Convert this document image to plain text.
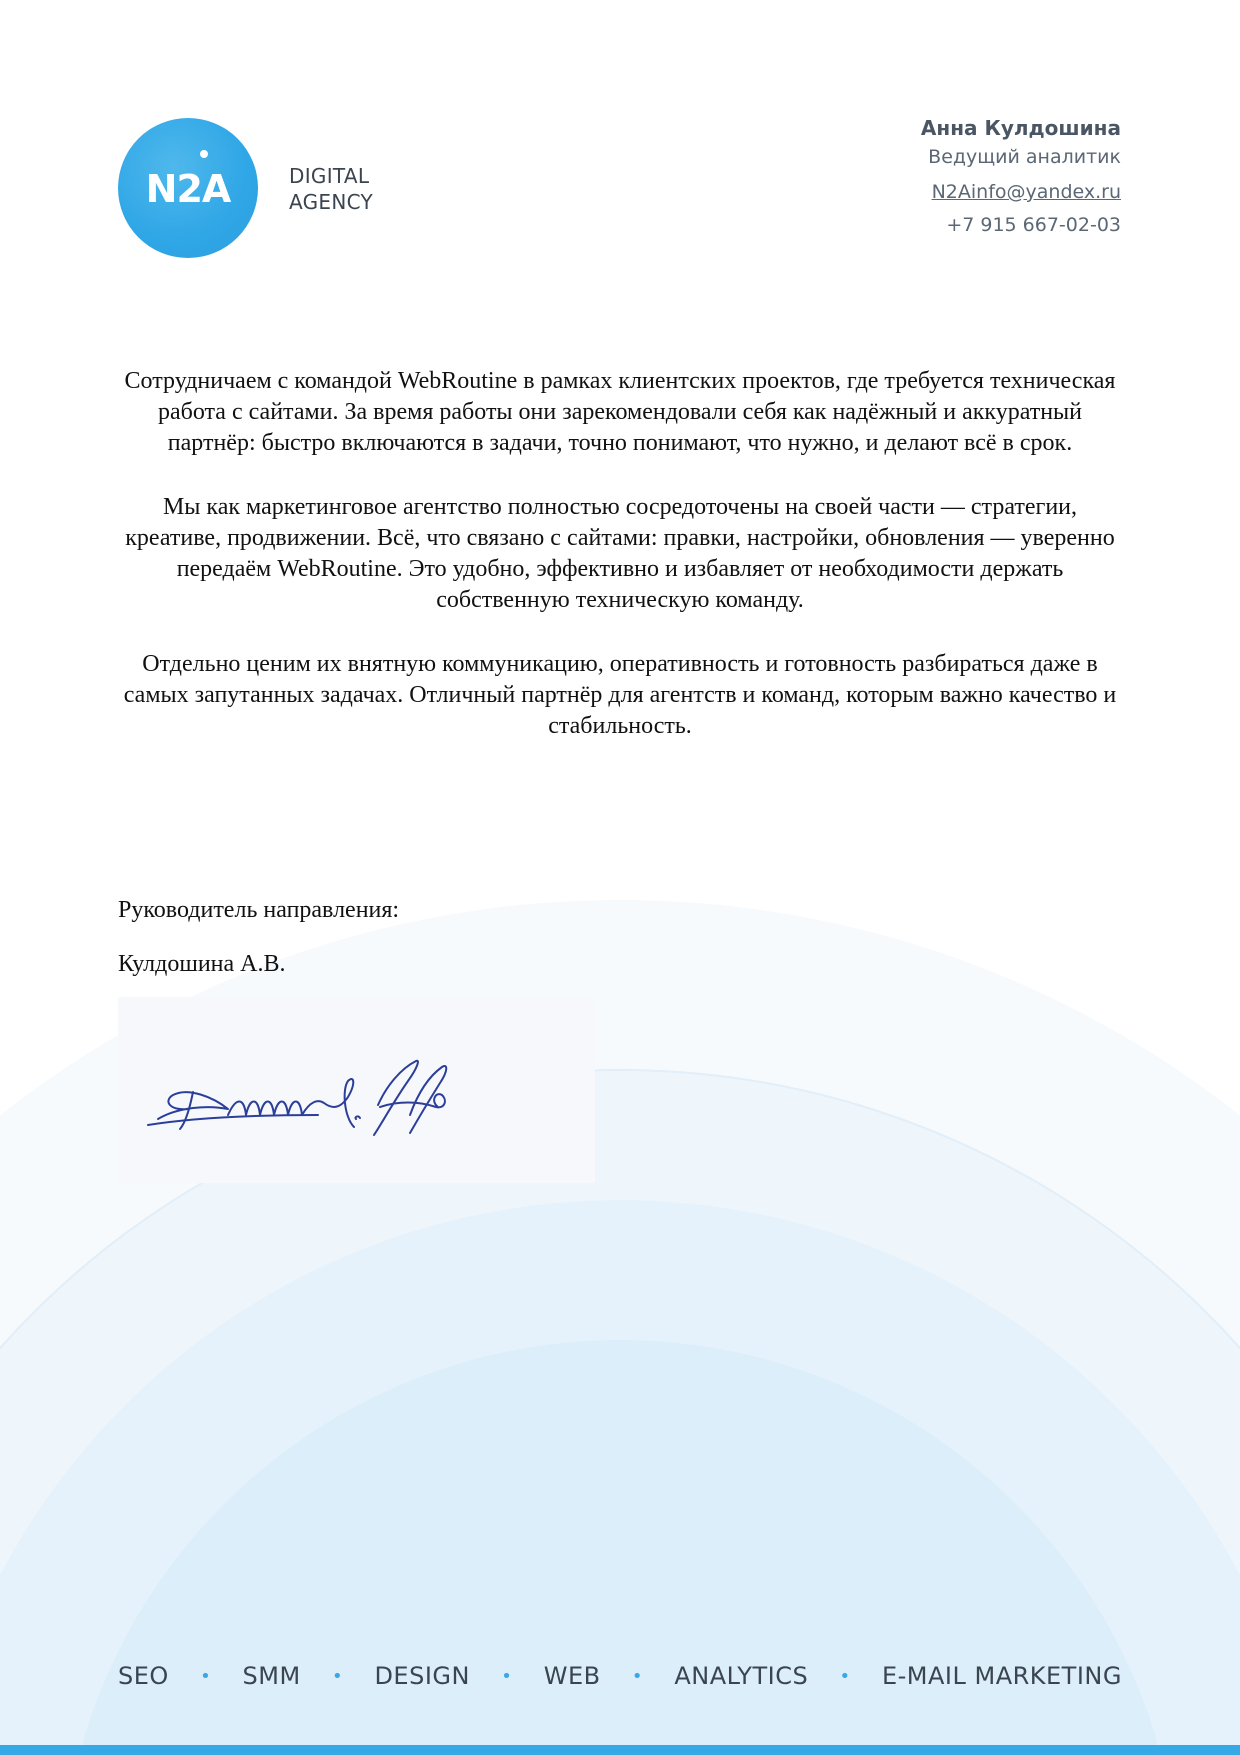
N2A	DIGITAL
AGENCY
Анна Кулдошина
Ведущий аналитик
N2Ainfo@yandex.ru
+7 915 667-02-03

Сотрудничаем с командой WebRoutine в рамках клиентских проектов, где требуется техническая работа с сайтами. За время работы они зарекомендовали себя как надёжный и аккуратный партнёр: быстро включаются в задачи, точно понимают, что нужно, и делают всё в срок.

Мы как маркетинговое агентство полностью сосредоточены на своей части — стратегии, креативе, продвижении. Всё, что связано с сайтами: правки, настройки, обновления — уверенно передаём WebRoutine. Это удобно, эффективно и избавляет от необходимости держать собственную техническую команду.

Отдельно ценим их внятную коммуникацию, оперативность и готовность разбираться даже в самых запутанных задачах. Отличный партнёр для агентств и команд, которым важно качество и стабильность.

Руководитель направления:
Кулдошина А.В.
SEO • SMM • DESIGN • WEB • ANALYTICS • E-MAIL MARKETING
